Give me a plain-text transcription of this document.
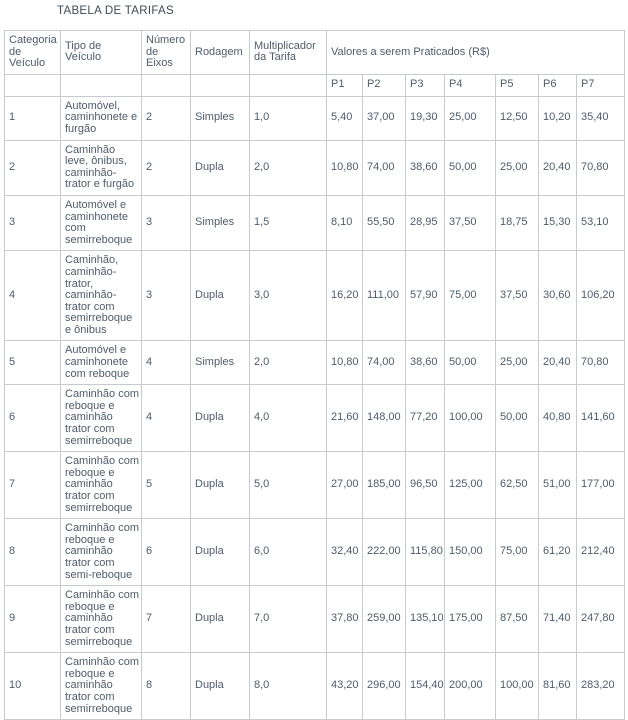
TABELA DE TARIFAS
Categoria de Veículo	Tipo de Veículo	Número de Eixos	Rodagem	Multiplicador da Tarifa	Valores a serem Praticados (R$)						
					P1	P2	P3	P4	P5	P6	P7
1	Automóvel, caminhonete e furgão	2	Simples	1,0	5,40	37,00	19,30	25,00	12,50	10,20	35,40
2	Caminhão leve, ônibus, caminhão-trator e furgão	2	Dupla	2,0	10,80	74,00	38,60	50,00	25,00	20,40	70,80
3	Automóvel e caminhonete com semirreboque	3	Simples	1,5	8,10	55,50	28,95	37,50	18,75	15,30	53,10
4	Caminhão, caminhão-trator, caminhão-trator com semirreboque e ônibus	3	Dupla	3,0	16,20	111,00	57,90	75,00	37,50	30,60	106,20
5	Automóvel e caminhonete com reboque	4	Simples	2,0	10,80	74,00	38,60	50,00	25,00	20,40	70,80
6	Caminhão com reboque e caminhão trator com semirreboque	4	Dupla	4,0	21,60	148,00	77,20	100,00	50,00	40,80	141,60
7	Caminhão com reboque e caminhão trator com semirreboque	5	Dupla	5,0	27,00	185,00	96,50	125,00	62,50	51,00	177,00
8	Caminhão com reboque e caminhão trator com semi-reboque	6	Dupla	6,0	32,40	222,00	115,80	150,00	75,00	61,20	212,40
9	Caminhão com reboque e caminhão trator com semirreboque	7	Dupla	7,0	37,80	259,00	135,10	175,00	87,50	71,40	247,80
10	Caminhão com reboque e caminhão trator com semirreboque	8	Dupla	8,0	43,20	296,00	154,40	200,00	100,00	81,60	283,20
